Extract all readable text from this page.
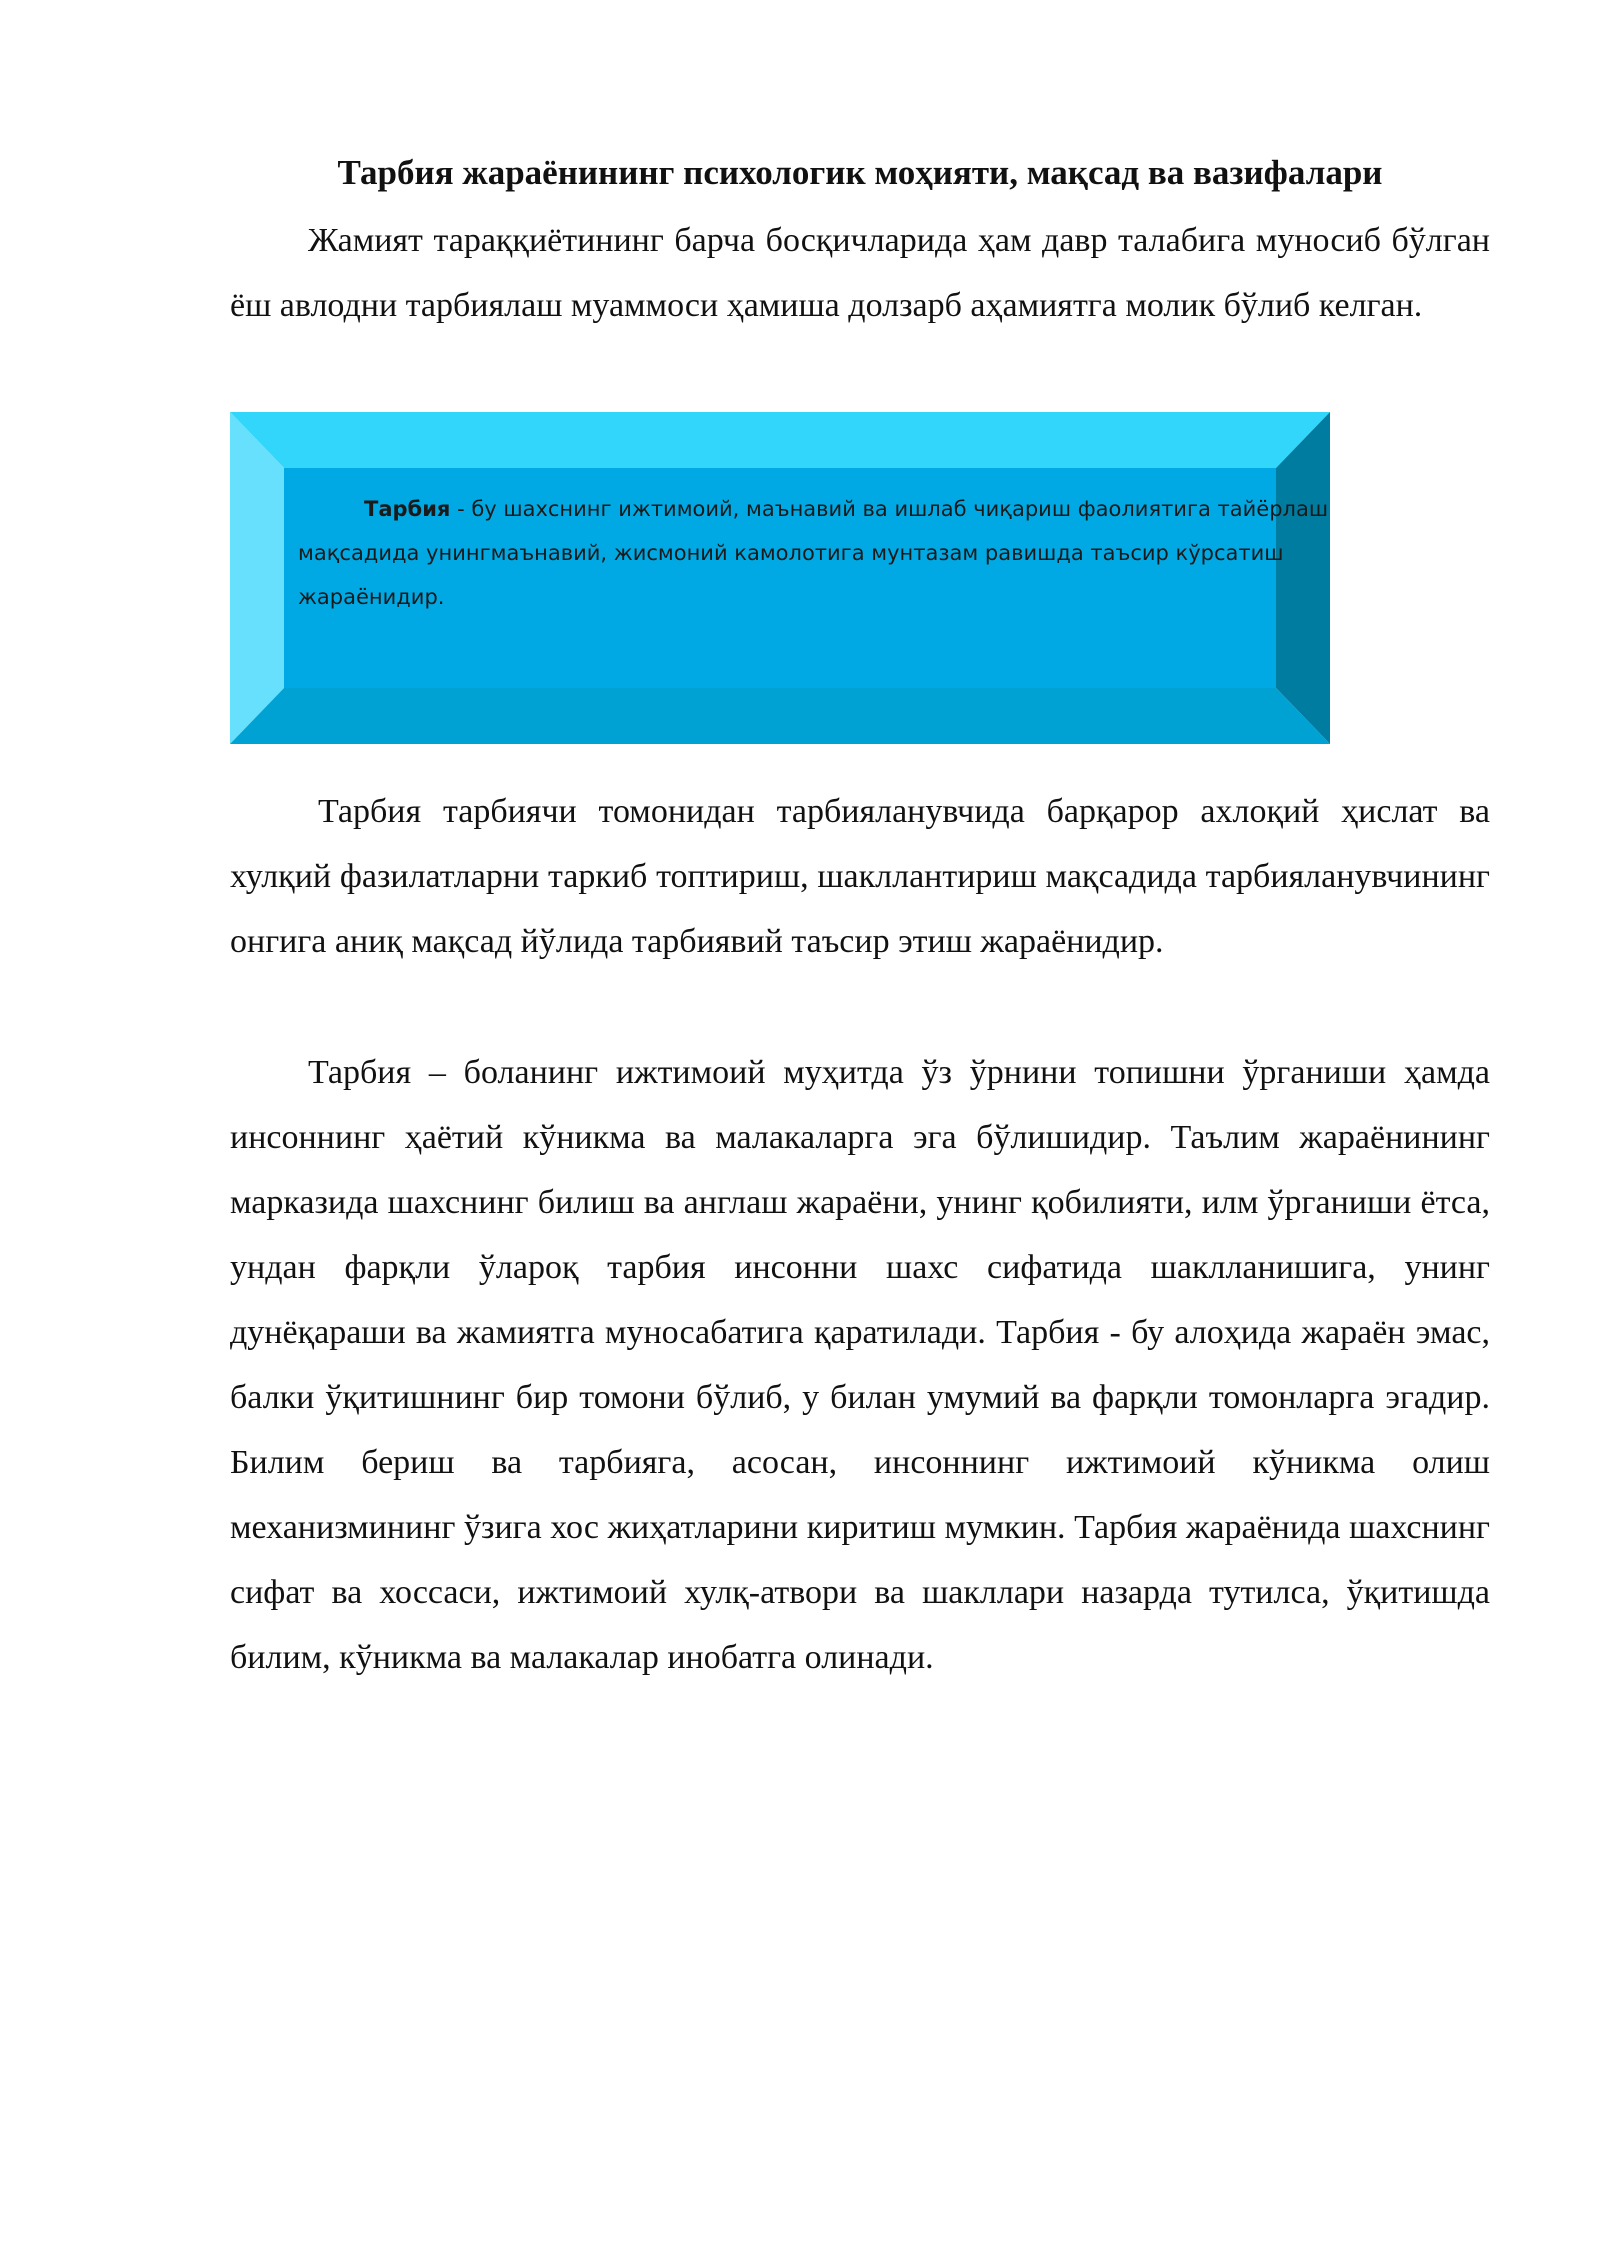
Тарбия жараёнининг психологик моҳияти, мақсад ва вазифалари

Жамият тараққиётининг барча босқичларида ҳам давр талабига муносиб бўлган ёш авлодни тарбиялаш муаммоси ҳамиша долзарб аҳамиятга молик бўлиб келган.

Тарбия - бу шахснинг ижтимоий, маънавий ва ишлаб чиқариш фаолиятига тайёрлаш мақсадида унингмаънавий, жисмоний камолотига мунтазам равишда таъсир кўрсатиш жараёнидир.

Тарбия тарбиячи томонидан тарбияланувчида барқарор ахлоқий ҳислат ва хулқий фазилатларни таркиб топтириш, шакллантириш мақсадида тарбияланувчининг онгига аниқ мақсад йўлида тарбиявий таъсир этиш жараёнидир.

Тарбия – боланинг ижтимоий муҳитда ўз ўрнини топишни ўрганиши ҳамда инсоннинг ҳаётий кўникма ва малакаларга эга бўлишидир. Таълим жараёнининг марказида шахснинг билиш ва англаш жараёни, унинг қобилияти, илм ўрганиши ётса, ундан фарқли ўлароқ тарбия инсонни шахс сифатида шаклланишига, унинг дунёқараши ва жамиятга муносабатига қаратилади. Тарбия - бу алоҳида жараён эмас, балки ўқитишнинг бир томони бўлиб, у билан умумий ва фарқли томонларга эгадир. Билим бериш ва тарбияга, асосан, инсоннинг ижтимоий кўникма олиш механизмининг ўзига хос жиҳатларини киритиш мумкин. Тарбия жараёнида шахснинг сифат ва хоссаси, ижтимоий хулқ-атвори ва шакллари назарда тутилса, ўқитишда билим, кўникма ва малакалар инобатга олинади.
